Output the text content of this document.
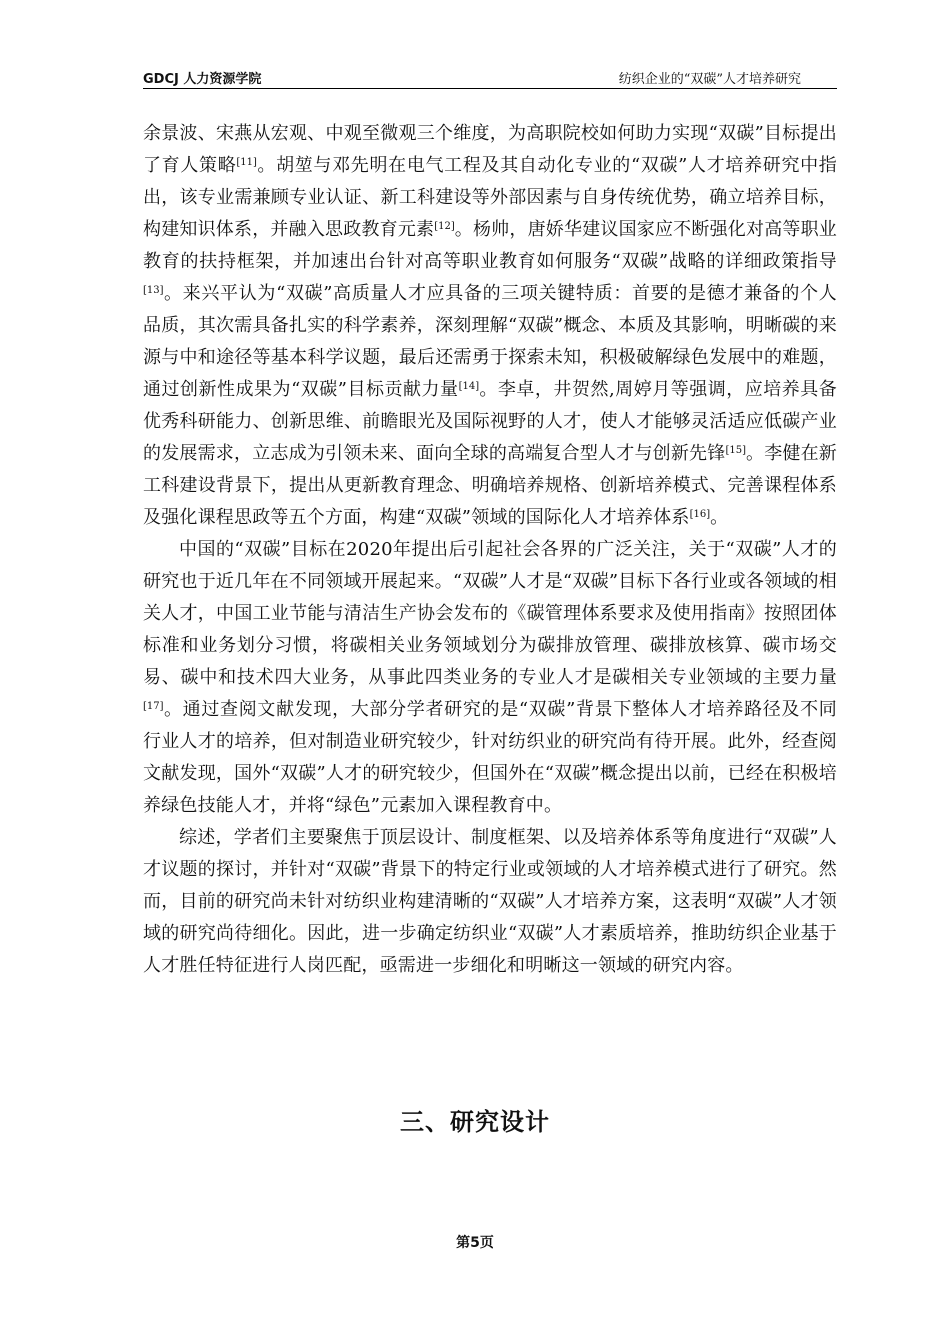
GDCJ 人力资源学院	纺织企业的“双碳”人才培养研究

余景波、宋燕从宏观、中观至微观三个维度，为高职院校如何助力实现“双碳”目标提出了育人策略[11]。胡堃与邓先明在电气工程及其自动化专业的“双碳”人才培养研究中指出，该专业需兼顾专业认证、新工科建设等外部因素与自身传统优势，确立培养目标，构建知识体系，并融入思政教育元素[12]。杨帅，唐娇华建议国家应不断强化对高等职业教育的扶持框架，并加速出台针对高等职业教育如何服务“双碳”战略的详细政策指导[13]。来兴平认为“双碳”高质量人才应具备的三项关键特质：首要的是德才兼备的个人品质，其次需具备扎实的科学素养，深刻理解“双碳”概念、本质及其影响，明晰碳的来源与中和途径等基本科学议题，最后还需勇于探索未知，积极破解绿色发展中的难题，通过创新性成果为“双碳”目标贡献力量[14]。李卓，井贺然,周婷月等强调，应培养具备优秀科研能力、创新思维、前瞻眼光及国际视野的人才，使人才能够灵活适应低碳产业的发展需求，立志成为引领未来、面向全球的高端复合型人才与创新先锋[15]。李健在新工科建设背景下，提出从更新教育理念、明确培养规格、创新培养模式、完善课程体系及强化课程思政等五个方面，构建“双碳”领域的国际化人才培养体系[16]。

中国的“双碳”目标在2020年提出后引起社会各界的广泛关注，关于“双碳”人才的研究也于近几年在不同领域开展起来。“双碳”人才是“双碳”目标下各行业或各领域的相关人才，中国工业节能与清洁生产协会发布的《碳管理体系要求及使用指南》按照团体标准和业务划分习惯，将碳相关业务领域划分为碳排放管理、碳排放核算、碳市场交易、碳中和技术四大业务，从事此四类业务的专业人才是碳相关专业领域的主要力量[17]。通过查阅文献发现，大部分学者研究的是“双碳”背景下整体人才培养路径及不同行业人才的培养，但对制造业研究较少，针对纺织业的研究尚有待开展。此外，经查阅文献发现，国外“双碳”人才的研究较少，但国外在“双碳”概念提出以前，已经在积极培养绿色技能人才，并将“绿色”元素加入课程教育中。

综述，学者们主要聚焦于顶层设计、制度框架、以及培养体系等角度进行“双碳”人才议题的探讨，并针对“双碳”背景下的特定行业或领域的人才培养模式进行了研究。然而，目前的研究尚未针对纺织业构建清晰的“双碳”人才培养方案，这表明“双碳”人才领域的研究尚待细化。因此，进一步确定纺织业“双碳”人才素质培养，推助纺织企业基于人才胜任特征进行人岗匹配，亟需进一步细化和明晰这一领域的研究内容。

三、研究设计
第5页
